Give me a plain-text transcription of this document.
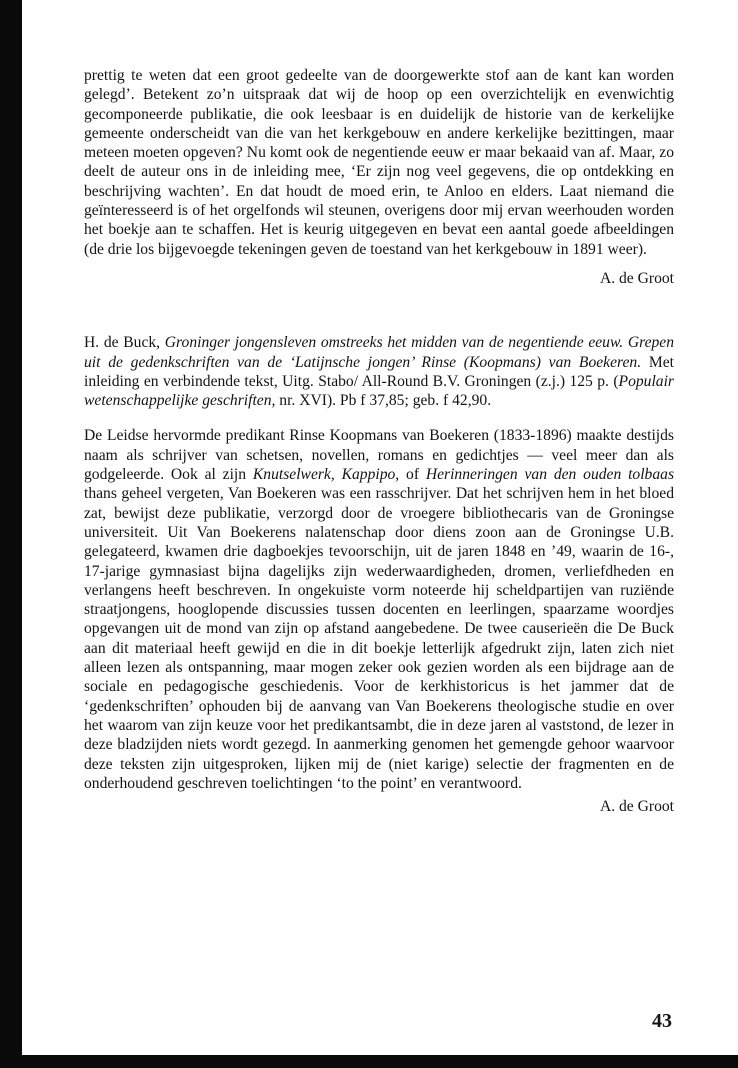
prettig te weten dat een groot gedeelte van de doorgewerkte stof aan de kant kan worden gelegd’. Betekent zo’n uitspraak dat wij de hoop op een overzichtelijk en evenwichtig gecomponeerde publikatie, die ook leesbaar is en duidelijk de historie van de kerkelijke gemeente onderscheidt van die van het kerkgebouw en andere kerkelijke bezittingen, maar meteen moeten opgeven? Nu komt ook de negentiende eeuw er maar bekaaid van af. Maar, zo deelt de auteur ons in de inleiding mee, ‘Er zijn nog veel gegevens, die op ontdekking en beschrijving wachten’. En dat houdt de moed erin, te Anloo en elders. Laat niemand die geïnteresseerd is of het orgelfonds wil steunen, overigens door mij ervan weerhouden worden het boekje aan te schaffen. Het is keurig uitgegeven en bevat een aantal goede afbeeldingen (de drie los bijgevoegde tekeningen geven de toestand van het kerkgebouw in 1891 weer).

A. de Groot

H. de Buck, Groninger jongensleven omstreeks het midden van de negentiende eeuw. Grepen uit de gedenkschriften van de ‘Latijnsche jongen’ Rinse (Koopmans) van Boekeren. Met inleiding en verbindende tekst, Uitg. Stabo/ All-Round B.V. Groningen (z.j.) 125 p. (Populair wetenschappelijke geschriften, nr. XVI). Pb f 37,85; geb. f 42,90.

De Leidse hervormde predikant Rinse Koopmans van Boekeren (1833-1896) maakte destijds naam als schrijver van schetsen, novellen, romans en gedichtjes — veel meer dan als godgeleerde. Ook al zijn Knutselwerk, Kappipo, of Herinneringen van den ouden tolbaas thans geheel vergeten, Van Boekeren was een rasschrijver. Dat het schrijven hem in het bloed zat, bewijst deze publikatie, verzorgd door de vroegere bibliothecaris van de Groningse universiteit. Uit Van Boekerens nalatenschap door diens zoon aan de Groningse U.B. gelegateerd, kwamen drie dagboekjes tevoorschijn, uit de jaren 1848 en ’49, waarin de 16-, 17-jarige gymnasiast bijna dagelijks zijn wederwaardigheden, dromen, verliefdheden en verlangens heeft beschreven. In ongekuiste vorm noteerde hij scheldpartijen van ruziënde straatjongens, hooglopende discussies tussen docenten en leerlingen, spaarzame woordjes opgevangen uit de mond van zijn op afstand aangebedene. De twee causerieën die De Buck aan dit materiaal heeft gewijd en die in dit boekje letterlijk afgedrukt zijn, laten zich niet alleen lezen als ontspanning, maar mogen zeker ook gezien worden als een bijdrage aan de sociale en pedagogische geschiedenis. Voor de kerkhistoricus is het jammer dat de ‘gedenkschriften’ ophouden bij de aanvang van Van Boekerens theologische studie en over het waarom van zijn keuze voor het predikantsambt, die in deze jaren al vaststond, de lezer in deze bladzijden niets wordt gezegd. In aanmerking genomen het gemengde gehoor waarvoor deze teksten zijn uitgesproken, lijken mij de (niet karige) selectie der fragmenten en de onderhoudend geschreven toelichtingen ‘to the point’ en verantwoord.

A. de Groot
43
